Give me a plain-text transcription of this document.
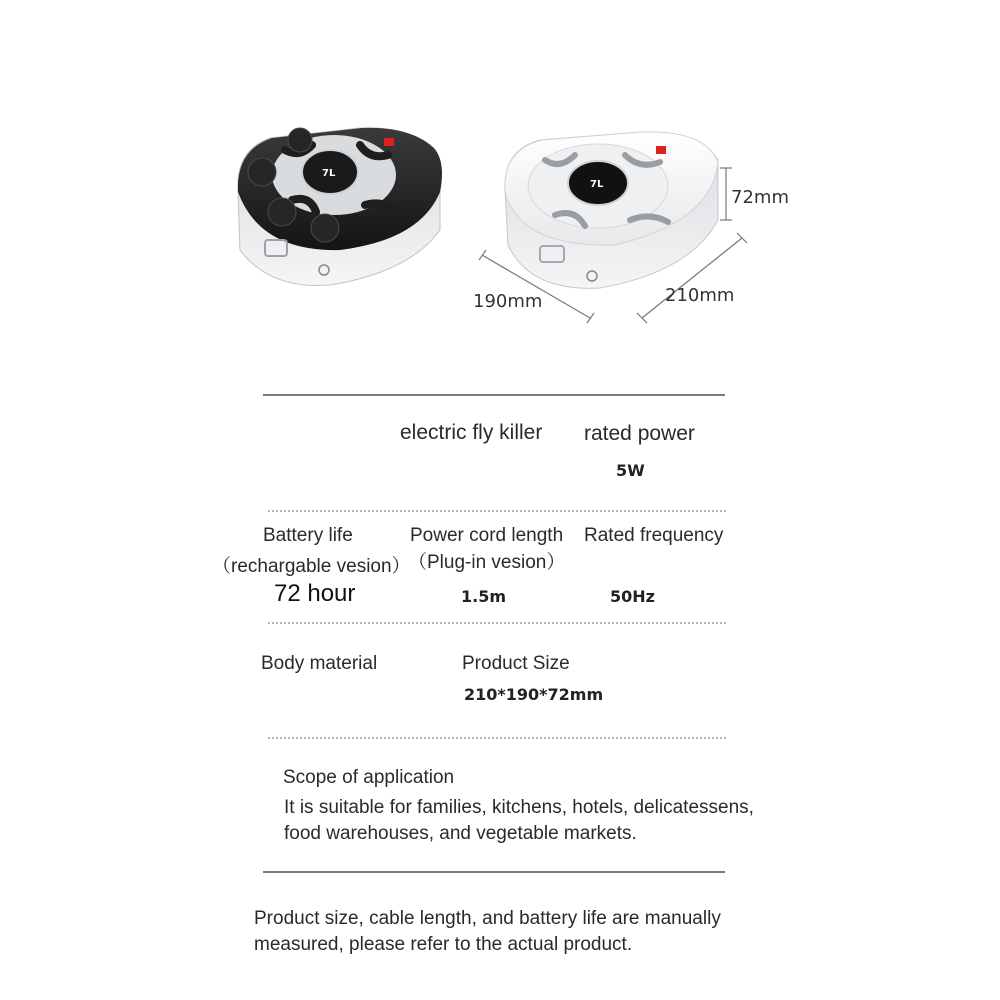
7L
7L
72mm
190mm	210mm
electric fly killer rated power
5W
Battery life
（rechargable vesion）
72 hour
Power cord length
（Plug-in vesion）
1.5m
Rated frequency
50Hz
Body material	Product Size
210*190*72mm
Scope of application
It is suitable for families, kitchens, hotels, delicatessens,
food warehouses, and vegetable markets.
Product size, cable length, and battery life are manually
measured, please refer to the actual product.
